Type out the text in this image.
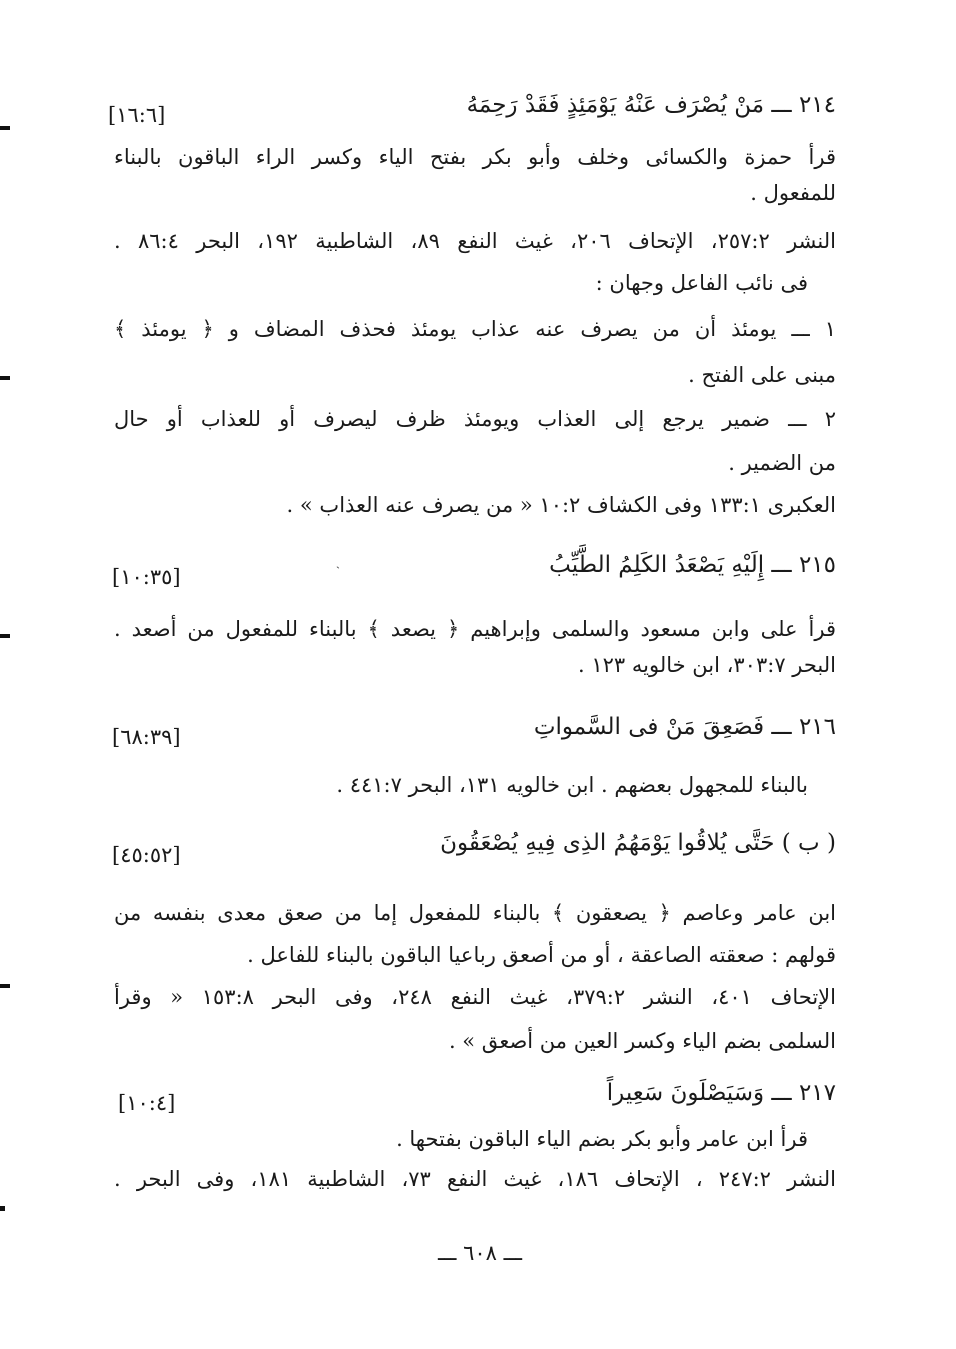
٢١٤ ـــ مَنْ يُصْرَف عَنْهُ يَوْمَئِذٍ فَقَدْ رَحِمَهُ
[١٦:٦]
قرأ حمزة والكسائى وخلف وأبو بكر بفتح الياء وكسر الراء الباقون بالبناء
للمفعول .
النشر ٢٥٧:٢، الإتحاف ٢٠٦، غيث النفع ٨٩، الشاطبية ١٩٢، البحر ٨٦:٤ .
فى نائب الفاعل وجهان :
١ ـــ يومئذ أن من يصرف عنه عذاب يومئذ فحذف المضاف و ﴿ يومئذ ﴾
مبنى على الفتح .
٢ ـــ ضمير يرجع إلى العذاب ويومئذ ظرف ليصرف أو للعذاب أو حال
من الضمير .
العكبرى ١٣٣:١ وفى الكشاف ١٠:٢ « من يصرف عنه العذاب » .
٢١٥ ـــ إِلَيْهِ يَصْعَدُ الكَلِمُ الطَّيِّبُ
ˏ
[١٠:٣٥]
قرأ على وابن مسعود والسلمى وإبراهيم ﴿ يصعد ﴾ بالبناء للمفعول من أصعد .
البحر ٣٠٣:٧، ابن خالويه ١٢٣ .
٢١٦ ـــ فَصَعِقَ مَنْ فى السَّمواتِ
[٦٨:٣٩]
بالبناء للمجهول بعضهم . ابن خالويه ١٣١، البحر ٤٤١:٧ .
( ب ) حَتَّى يُلاقُوا يَوْمَهُمُ الذِى فِيهِ يُصْعَقُونَ
[٤٥:٥٢]
ابن عامر وعاصم ﴿ يصعقون ﴾ بالبناء للمفعول إما من صعق معدى بنفسه من
قولهم : صعقته الصاعقة ، أو من أصعق رباعيا الباقون بالبناء للفاعل .
الإتحاف ٤٠١، النشر ٣٧٩:٢، غيث النفع ٢٤٨، وفى البحر ١٥٣:٨ « وقرأ
السلمى بضم الياء وكسر العين من أصعق » .
٢١٧ ـــ وَسَيَصْلَونَ سَعِيراً
[١٠:٤]
قرأ ابن عامر وأبو بكر بضم الياء الباقون بفتحها .
النشر ٢٤٧:٢ ، الإتحاف ١٨٦، غيث النفع ٧٣، الشاطبية ١٨١، وفى البحر .
ـــ ٦٠٨ ـــ
